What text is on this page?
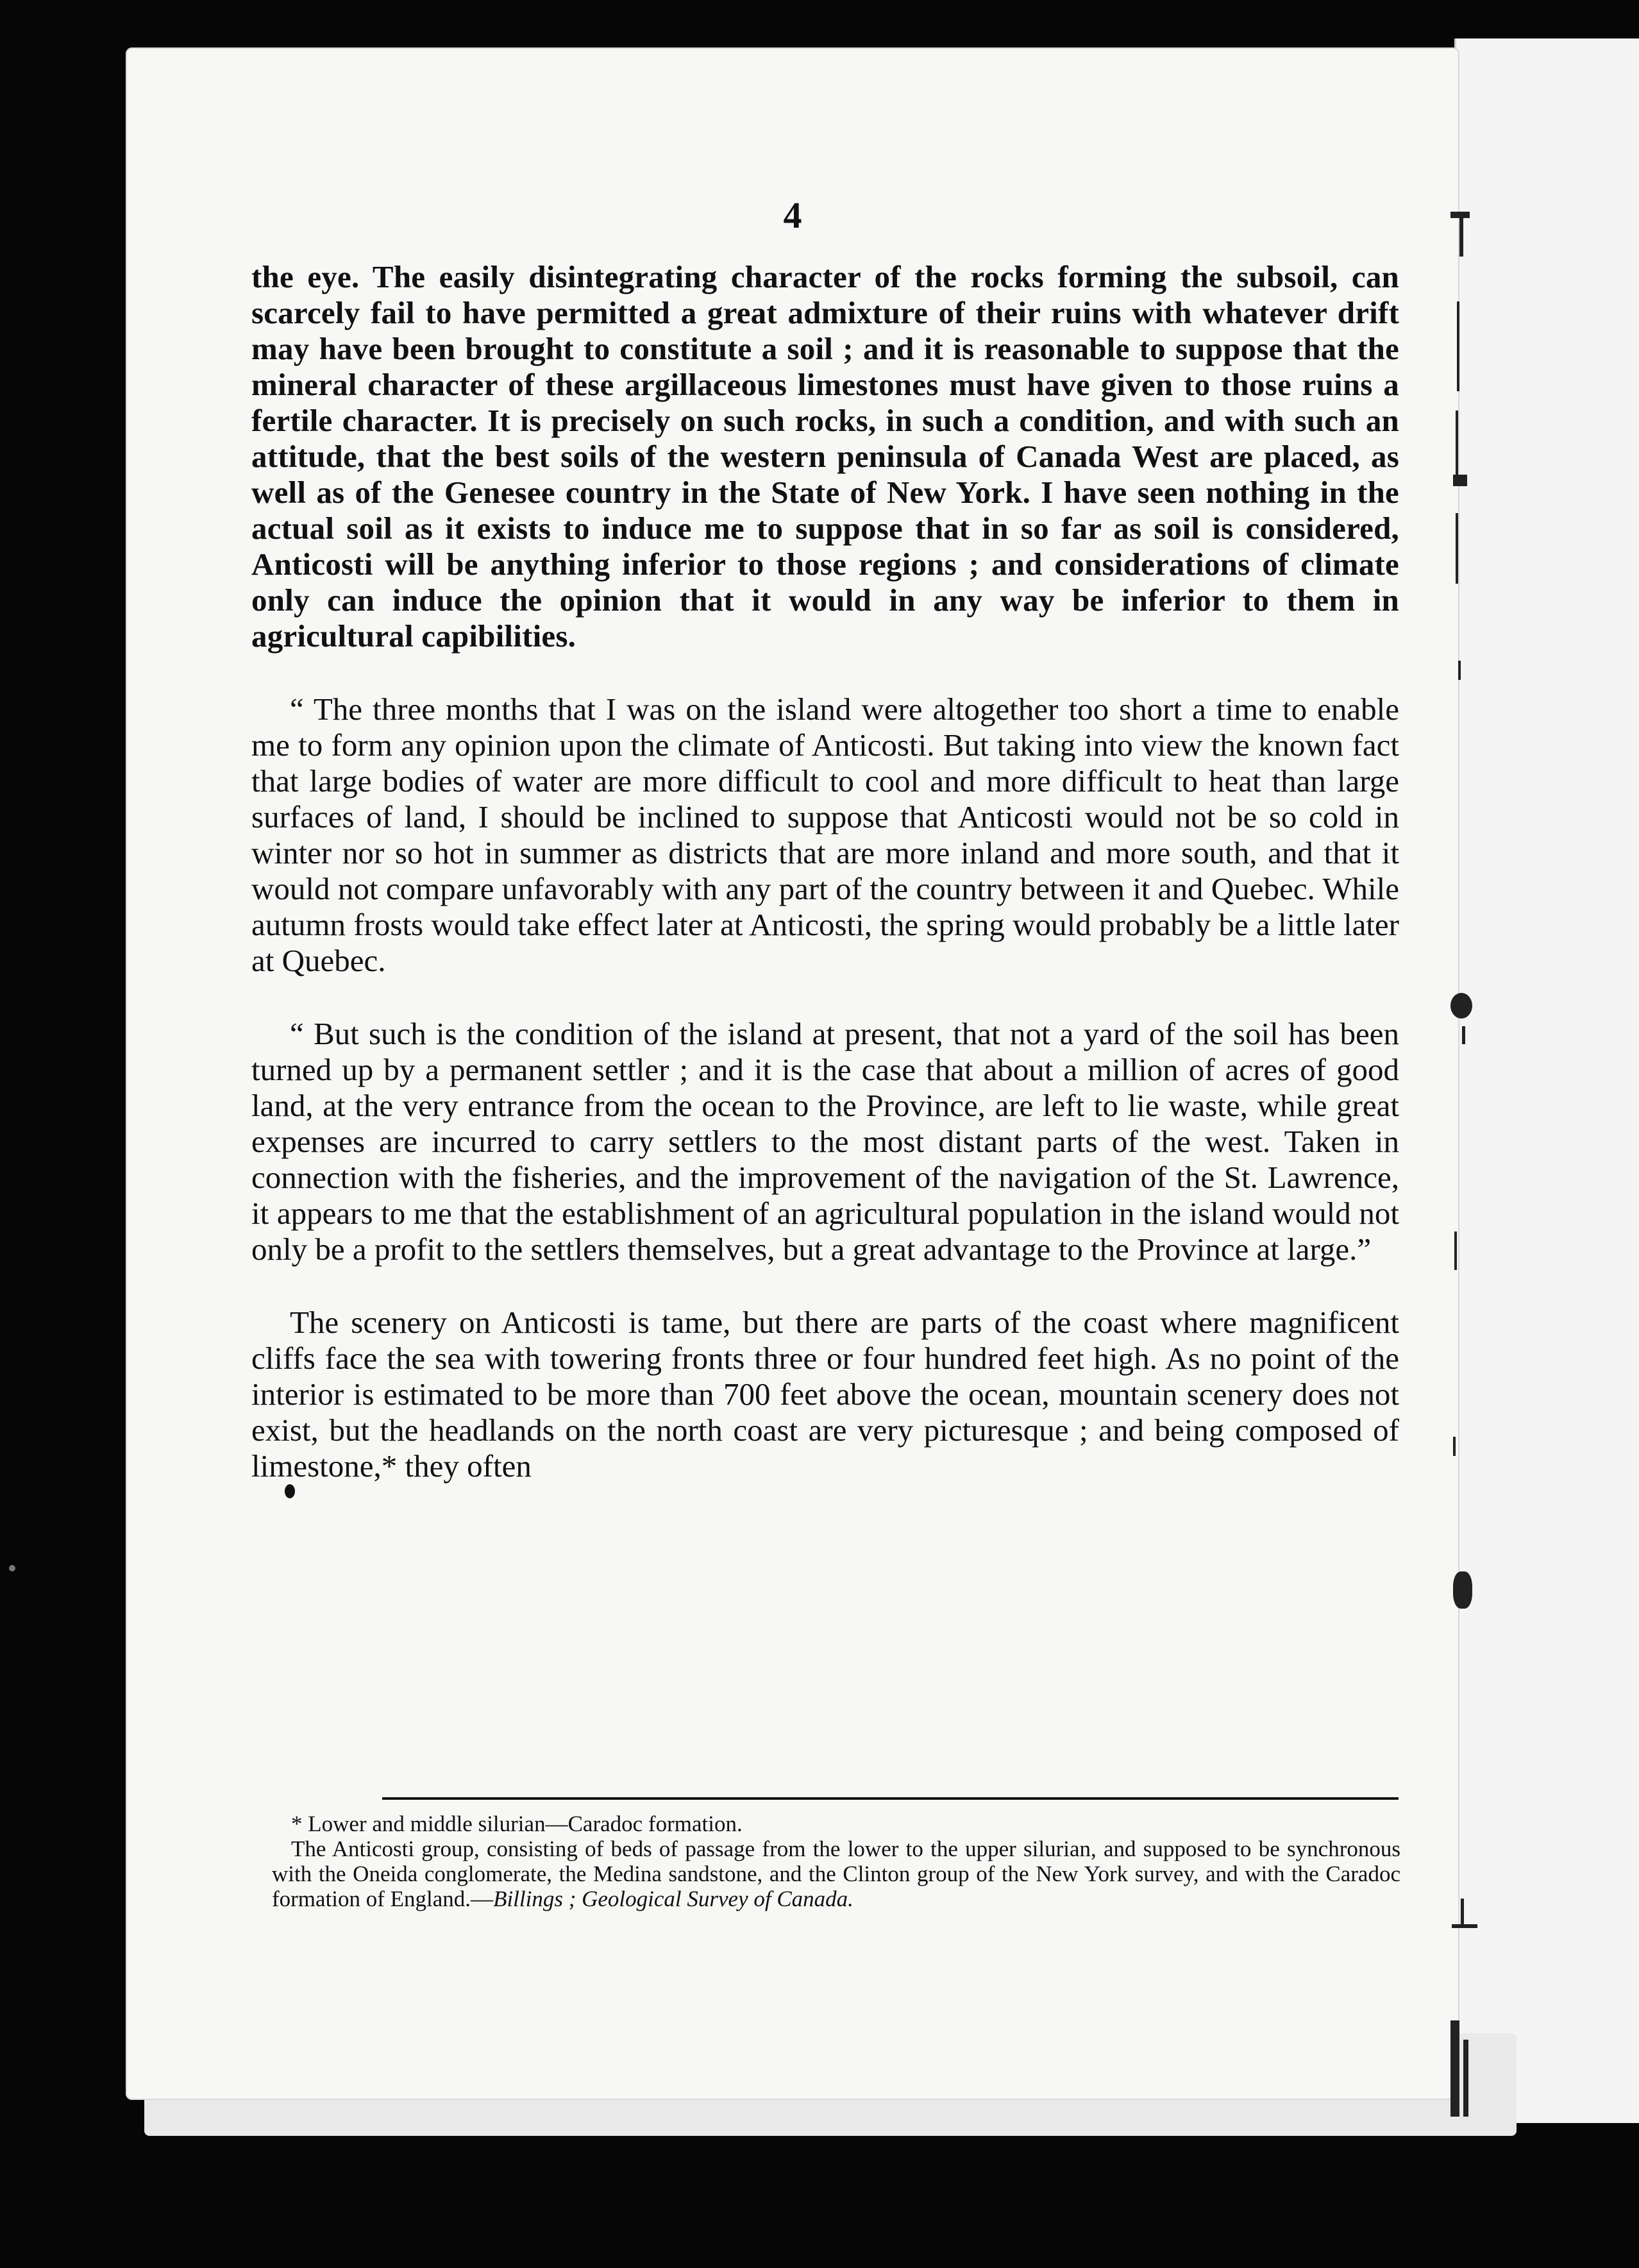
4

the eye. The easily disintegrating character of the rocks forming the subsoil, can scarcely fail to have permitted a great admixture of their ruins with whatever drift may have been brought to constitute a soil ; and it is reasonable to suppose that the mineral character of these argillaceous limestones must have given to those ruins a fertile character. It is precisely on such rocks, in such a condition, and with such an attitude, that the best soils of the western peninsula of Canada West are placed, as well as of the Genesee country in the State of New York. I have seen nothing in the actual soil as it exists to induce me to suppose that in so far as soil is considered, Anticosti will be anything inferior to those regions ; and considerations of climate only can induce the opinion that it would in any way be inferior to them in agricultural capibilities.

“ The three months that I was on the island were altogether too short a time to enable me to form any opinion upon the climate of Anticosti. But taking into view the known fact that large bodies of water are more difficult to cool and more difficult to heat than large surfaces of land, I should be inclined to suppose that Anticosti would not be so cold in winter nor so hot in summer as districts that are more inland and more south, and that it would not compare unfavorably with any part of the country between it and Quebec. While autumn frosts would take effect later at Anticosti, the spring would probably be a little later at Quebec.

“ But such is the condition of the island at present, that not a yard of the soil has been turned up by a permanent settler ; and it is the case that about a million of acres of good land, at the very entrance from the ocean to the Province, are left to lie waste, while great expenses are incurred to carry settlers to the most distant parts of the west. Taken in connection with the fisheries, and the improvement of the navigation of the St. Lawrence, it appears to me that the establishment of an agricultural population in the island would not only be a profit to the settlers themselves, but a great advantage to the Province at large.”

The scenery on Anticosti is tame, but there are parts of the coast where magnificent cliffs face the sea with towering fronts three or four hundred feet high. As no point of the interior is estimated to be more than 700 feet above the ocean, mountain scenery does not exist, but the headlands on the north coast are very picturesque ; and being composed of limestone,* they often

* Lower and middle silurian—Caradoc formation.

The Anticosti group, consisting of beds of passage from the lower to the upper silurian, and supposed to be synchronous with the Oneida conglomerate, the Medina sandstone, and the Clinton group of the New York survey, and with the Caradoc formation of England.—Billings ; Geological Survey of Canada.
